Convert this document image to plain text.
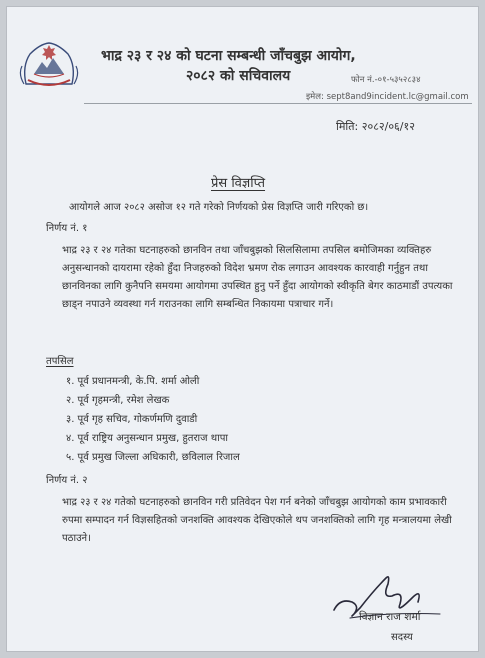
भाद्र २३ र २४ को घटना सम्बन्धी जाँचबुझ आयोग,
२०८२ को सचिवालय	फोन नं.-०१-५३५२८३४
इमेल: sept8and9incident.lc@gmail.com
मिति: २०८२/०६/१२
प्रेस विज्ञप्ति
आयोगले आज २०८२ असोज १२ गते गरेको निर्णयको प्रेस विज्ञप्ति जारी गरिएको छ।
निर्णय नं. १
भाद्र २३ र २४ गतेका घटनाहरुको छानविन तथा जाँचबुझको सिलसिलामा तपसिल बमोजिमका व्यक्तिहरु अनुसन्धानको दायरामा रहेको हुँदा निजहरुको विदेश भ्रमण रोक लगाउन आवश्यक कारवाही गर्नुहुन तथा छानविनका लागि कुनैपनि समयमा आयोगमा उपस्थित हुनु पर्ने हुँदा आयोगको स्वीकृति बेगर काठमाडौं उपत्यका छाड्न नपाउने व्यवस्था गर्न गराउनका लागि सम्बन्धित निकायमा पत्राचार गर्ने।
तपसिल
१. पूर्व प्रधानमन्त्री, के.पि. शर्मा ओली
२. पूर्व गृहमन्त्री, रमेश लेखक
३. पूर्व गृह सचिव, गोकर्णमणि दुवाडी
४. पूर्व राष्ट्रिय अनुसन्धान प्रमुख, हुतराज थापा
५. पूर्व प्रमुख जिल्ला अधिकारी, छविलाल रिजाल
निर्णय नं. २
भाद्र २३ र २४ गतेको घटनाहरुको छानविन गरी प्रतिवेदन पेश गर्न बनेको जाँचबुझ आयोगको काम प्रभावकारी रुपमा सम्पादन गर्न विज्ञसहितको जनशक्ति आवश्यक देखिएकोले थप जनशक्तिको लागि गृह मन्त्रालयमा लेखी पठाउने।
विज्ञान राज शर्मा
सदस्य
